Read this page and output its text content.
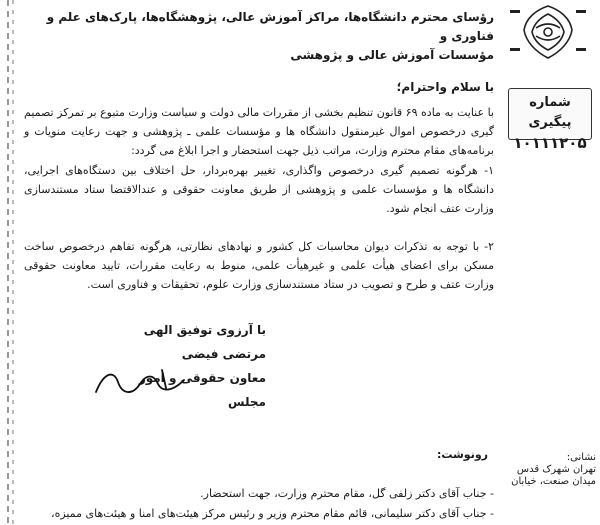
شماره پیگیری
۱۰۱۱۱۲۰۵
نشانی:
تهران شهرک قدس
میدان صنعت، خیابان
رؤسای محترم دانشگاه‌ها، مراکز آموزش عالی، پژوهشگاه‌ها، پارک‌های علم و فناوری و
مؤسسات آموزش عالی و پژوهشی
با سلام واحترام؛
با عنایت به ماده ۶۹ قانون تنظیم بخشی از مقررات مالی دولت و سیاست وزارت متبوع بر تمرکز تصمیم گیری درخصوص اموال غیرمنقول دانشگاه ها و مؤسسات علمی ـ پژوهشی و جهت رعایت منویات و برنامه‌های مقام محترم وزارت، مراتب ذیل جهت استحضار و اجرا ابلاغ می گردد:
۱- هرگونه تصمیم گیری درخصوص واگذاری، تغییر بهره‌بردار، حل اختلاف بین دستگاه‌های اجرایی، دانشگاه ها و مؤسسات علمی و پژوهشی از طریق معاونت حقوقی و عندالاقتضا ستاد مستندسازی وزارت عتف انجام شود.
۲- با توجه به تذکرات دیوان محاسبات کل کشور و نهادهای نظارتی، هرگونه تفاهم درخصوص ساخت مسکن برای اعضای هیأت علمی و غیرهیأت علمی، منوط به رعایت مقررات، تایید معاونت حقوقی وزارت عتف و طرح و تصویب در ستاد مستندسازی وزارت علوم، تحقیقات و فناوری است.
با آرزوی توفیق الهی
مرتضی فیضی
معاون حقوقی و امور مجلس
رونوشت:
- جناب آقای دکتر زلفی گل، مقام محترم وزارت، جهت استحضار.
- جناب آقای دکتر سلیمانی، قائم مقام محترم وزیر و رئیس مرکز هیئت‌های امنا و هیئت‌های ممیزه،
